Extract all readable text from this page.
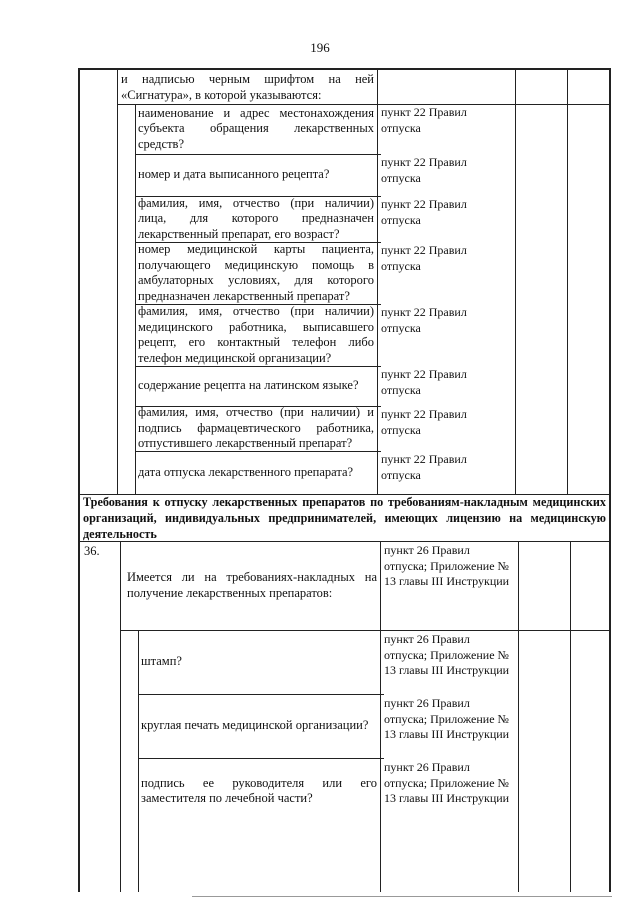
196
и надписью черным шрифтом на ней «Сигнатура», в которой указываются:
наименование и адрес местонахождения субъекта обращения лекарственных средств?
пункт 22 Правил отпуска
номер и дата выписанного рецепта?
пункт 22 Правил отпуска
фамилия, имя, отчество (при наличии) лица, для которого предназначен лекарственный препарат, его возраст?
пункт 22 Правил отпуска
номер медицинской карты пациента, получающего медицинскую помощь в амбулаторных условиях, для которого предназначен лекарственный препарат?
пункт 22 Правил отпуска
фамилия, имя, отчество (при наличии) медицинского работника, выписавшего рецепт, его контактный телефон либо телефон медицинской организации?
пункт 22 Правил отпуска
содержание рецепта на латинском языке?
пункт 22 Правил отпуска
фамилия, имя, отчество (при наличии) и подпись фармацевтического работника, отпустившего лекарственный препарат?
пункт 22 Правил отпуска
дата отпуска лекарственного препарата?
пункт 22 Правил отпуска
Требования к отпуску лекарственных препаратов по требованиям-накладным медицинских организаций, индивидуальных предпринимателей, имеющих лицензию на медицинскую деятельность
36.
Имеется ли на требованиях-накладных на получение лекарственных препаратов:
пункт 26 Правил отпуска; Приложение № 13 главы III Инструкции
штамп?
пункт 26 Правил отпуска; Приложение № 13 главы III Инструкции
круглая печать медицинской организации?
пункт 26 Правил отпуска; Приложение № 13 главы III Инструкции
подпись ее руководителя или его заместителя по лечебной части?
пункт 26 Правил отпуска; Приложение № 13 главы III Инструкции
